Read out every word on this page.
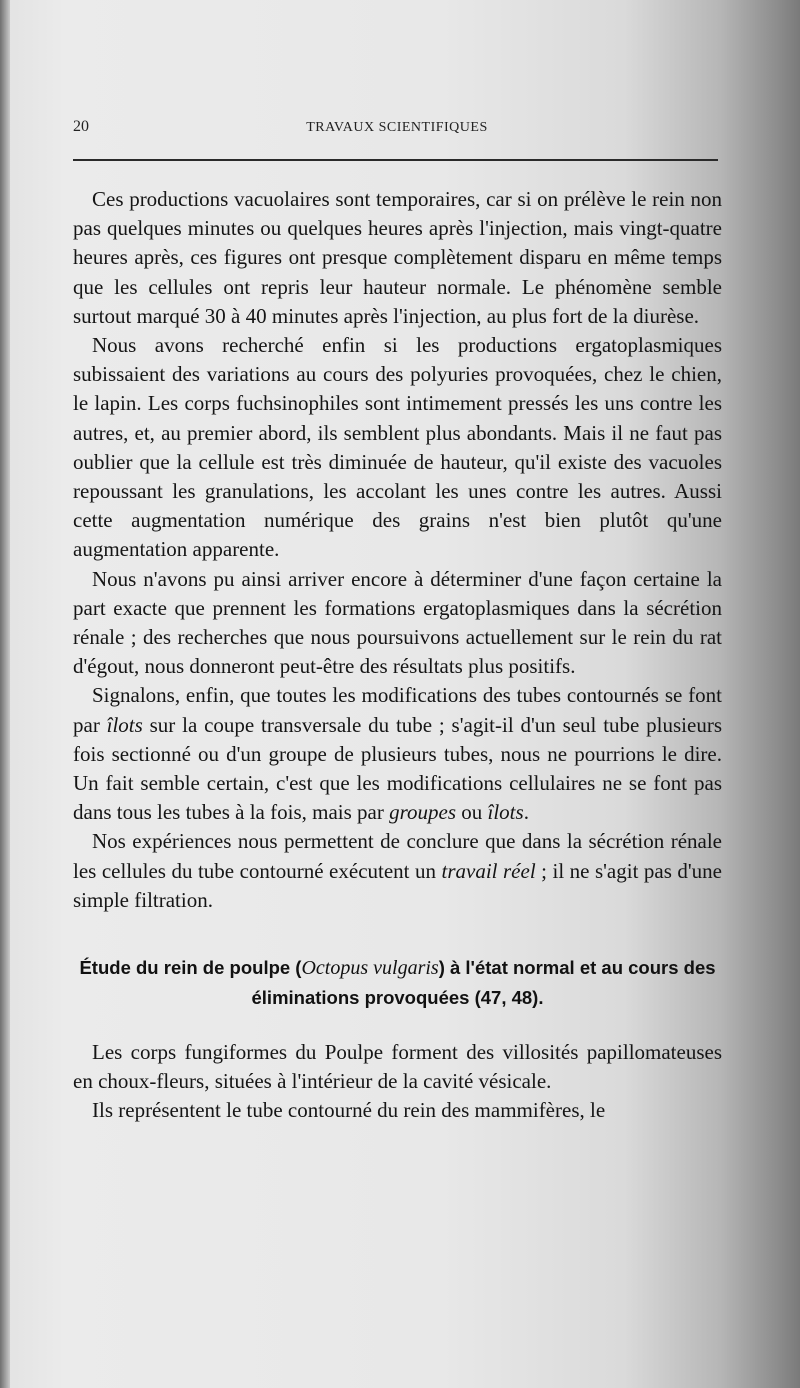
20	TRAVAUX SCIENTIFIQUES

Ces productions vacuolaires sont temporaires, car si on prélève le rein non pas quelques minutes ou quelques heures après l'injection, mais vingt-quatre heures après, ces figures ont presque complètement disparu en même temps que les cellules ont repris leur hauteur normale. Le phénomène semble surtout marqué 30 à 40 minutes après l'injection, au plus fort de la diurèse.

Nous avons recherché enfin si les productions ergatoplasmiques subissaient des variations au cours des polyuries provoquées, chez le chien, le lapin. Les corps fuchsinophiles sont intimement pressés les uns contre les autres, et, au premier abord, ils semblent plus abondants. Mais il ne faut pas oublier que la cellule est très diminuée de hauteur, qu'il existe des vacuoles repoussant les granulations, les accolant les unes contre les autres. Aussi cette augmentation numérique des grains n'est bien plutôt qu'une augmentation apparente.

Nous n'avons pu ainsi arriver encore à déterminer d'une façon certaine la part exacte que prennent les formations ergatoplasmiques dans la sécrétion rénale ; des recherches que nous poursuivons actuellement sur le rein du rat d'égout, nous donneront peut-être des résultats plus positifs.

Signalons, enfin, que toutes les modifications des tubes contournés se font par îlots sur la coupe transversale du tube ; s'agit-il d'un seul tube plusieurs fois sectionné ou d'un groupe de plusieurs tubes, nous ne pourrions le dire. Un fait semble certain, c'est que les modifications cellulaires ne se font pas dans tous les tubes à la fois, mais par groupes ou îlots.

Nos expériences nous permettent de conclure que dans la sécrétion rénale les cellules du tube contourné exécutent un travail réel ; il ne s'agit pas d'une simple filtration.

Étude du rein de poulpe (Octopus vulgaris) à l'état normal et au cours des éliminations provoquées (47, 48).

Les corps fungiformes du Poulpe forment des villosités papillomateuses en choux-fleurs, situées à l'intérieur de la cavité vésicale.

Ils représentent le tube contourné du rein des mammifères, le
